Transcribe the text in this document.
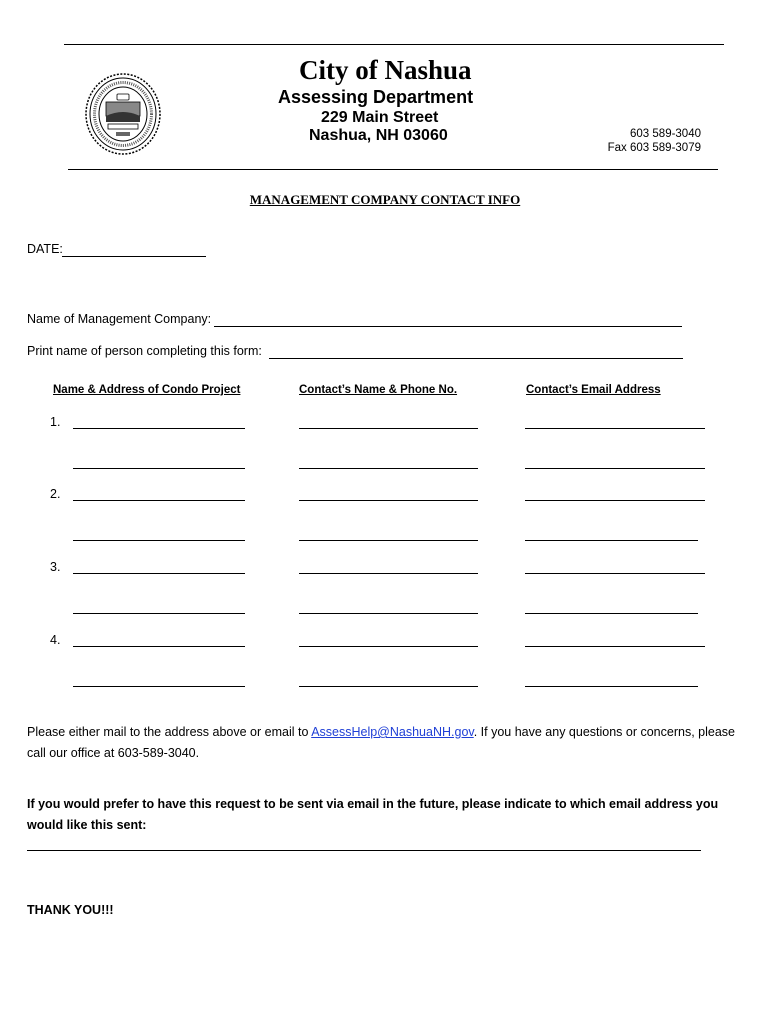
City of Nashua
Assessing Department
229 Main Street
Nashua, NH 03060	603 589-3040
Fax 603 589-3079
MANAGEMENT COMPANY CONTACT INFO
DATE:
Name of Management Company:
Print name of person completing this form:
Name & Address of Condo Project	Contact’s Name & Phone No.	Contact’s Email Address
1.
2.
3.
4.
Please either mail to the address above or email to AssessHelp@NashuaNH.gov. If you have any questions or concerns, please call our office at 603-589-3040.
If you would prefer to have this request to be sent via email in the future, please indicate to which email address you would like this sent:
THANK YOU!!!
